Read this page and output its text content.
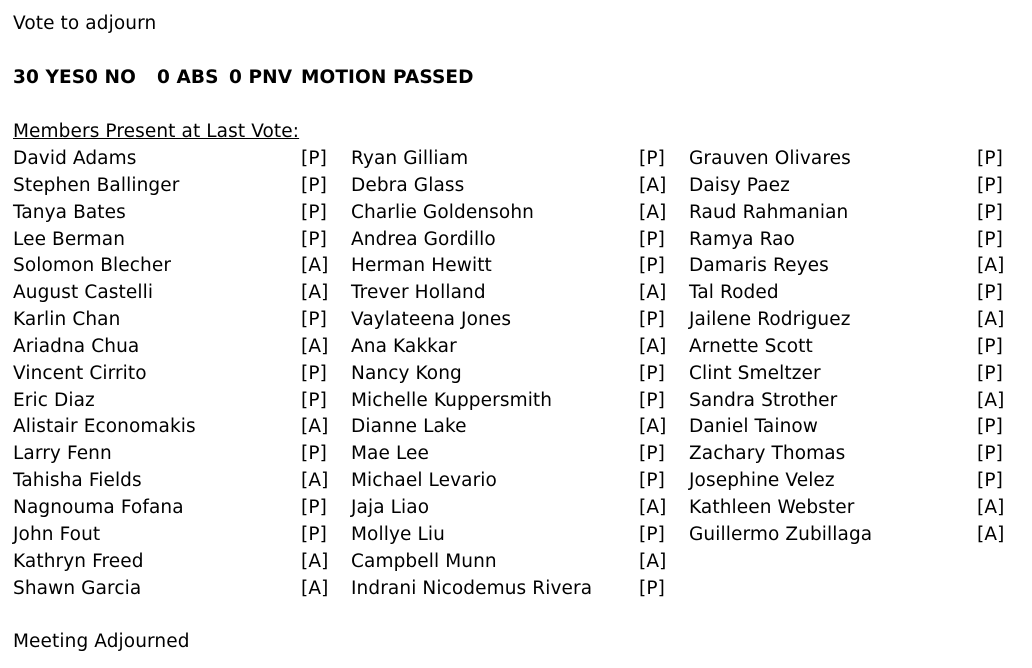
Vote to adjourn
30 YES 0 NO 0 ABS 0 PNV MOTION PASSED
Members Present at Last Vote:
David Adams	[P]
Stephen Ballinger	[P]
Tanya Bates	[P]
Lee Berman	[P]
Solomon Blecher	[A]
August Castelli	[A]
Karlin Chan	[P]
Ariadna Chua	[A]
Vincent Cirrito	[P]
Eric Diaz	[P]
Alistair Economakis	[A]
Larry Fenn	[P]
Tahisha Fields	[A]
Nagnouma Fofana	[P]
John Fout	[P]
Kathryn Freed	[A]
Shawn Garcia	[A]
Ryan Gilliam	[P]
Debra Glass	[A]
Charlie Goldensohn	[A]
Andrea Gordillo	[P]
Herman Hewitt	[P]
Trever Holland	[A]
Vaylateena Jones	[P]
Ana Kakkar	[A]
Nancy Kong	[P]
Michelle Kuppersmith	[P]
Dianne Lake	[A]
Mae Lee	[P]
Michael Levario	[P]
Jaja Liao	[A]
Mollye Liu	[P]
Campbell Munn	[A]
Indrani Nicodemus Rivera	[P]
Grauven Olivares	[P]
Daisy Paez	[P]
Raud Rahmanian	[P]
Ramya Rao	[P]
Damaris Reyes	[A]
Tal Roded	[P]
Jailene Rodriguez	[A]
Arnette Scott	[P]
Clint Smeltzer	[P]
Sandra Strother	[A]
Daniel Tainow	[P]
Zachary Thomas	[P]
Josephine Velez	[P]
Kathleen Webster	[A]
Guillermo Zubillaga	[A]
Meeting Adjourned
